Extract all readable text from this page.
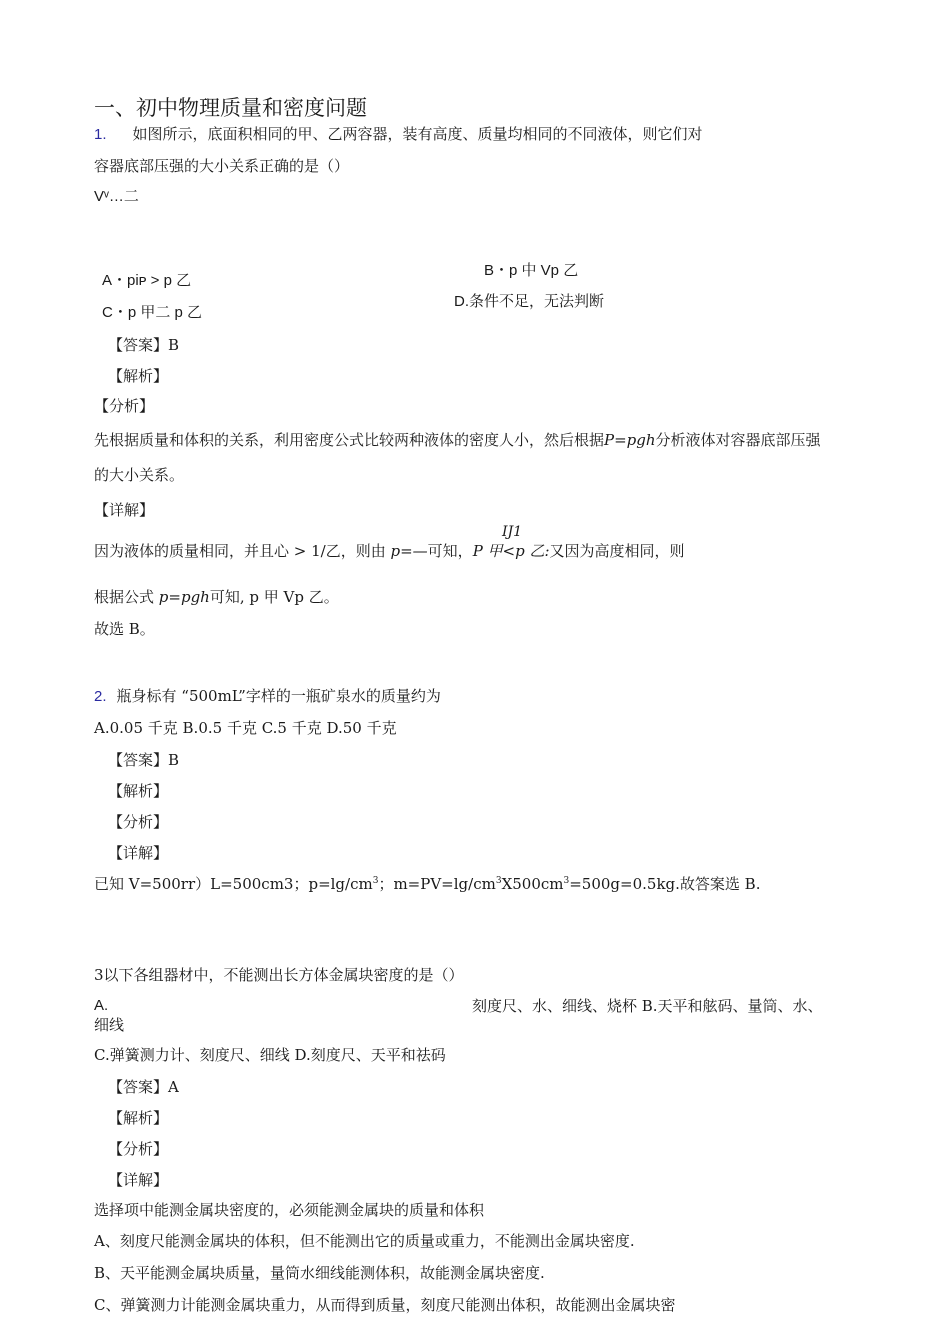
一、初中物理质量和密度问题
1. 如图所示，底面积相同的甲、乙两容器，装有高度、质量均相同的不同液体，则它们对
容器底部压强的大小关系正确的是（）
Vᵛ…二
B・p 中 Vp 乙
A・piᴘ > p 乙
D.条件不足，无法判断
C・p 甲二 p 乙
【答案】B
【解析】
【分析】
先根据质量和体积的关系，利用密度公式比较两种液体的密度人小，然后根据P=pgh分析液体对容器底部压强
的大小关系。
【详解】
IJ1
因为液体的质量相同，并且心 > 1/乙，则由 p=—可知，P 甲<p 乙:又因为高度相同，则
根据公式 p=pgh可知, p 甲 Vp 乙。
故选 B。
2. 瓶身标有 “500mL”字样的一瓶矿泉水的质量约为
A.0.05 千克 B.0.5 千克 C.5 千克 D.50 千克
【答案】B
【解析】
【分析】
【详解】
已知 V=500rr）L=500cm3；$p=\lg/cm^3$；$m=PV=\lg/cm^3X500cm^3=500g=0.5kg$.故答案选 B.
3以下各组器材中，不能测出长方体金属块密度的是（）
A.	刻度尺、水、细线、烧杯 B.天平和舷码、量筒、水、
细线
C.弹簧测力计、刻度尺、细线 D.刻度尺、天平和祛码
【答案】A
【解析】
【分析】
【详解】
选择项中能测金属块密度的，必须能测金属块的质量和体积
A、刻度尺能测金属块的体积，但不能测出它的质量或重力，不能测出金属块密度.
B、天平能测金属块质量，量筒水细线能测体积，故能测金属块密度.
C、弹簧测力计能测金属块重力，从而得到质量，刻度尺能测出体积，故能测出金属块密
